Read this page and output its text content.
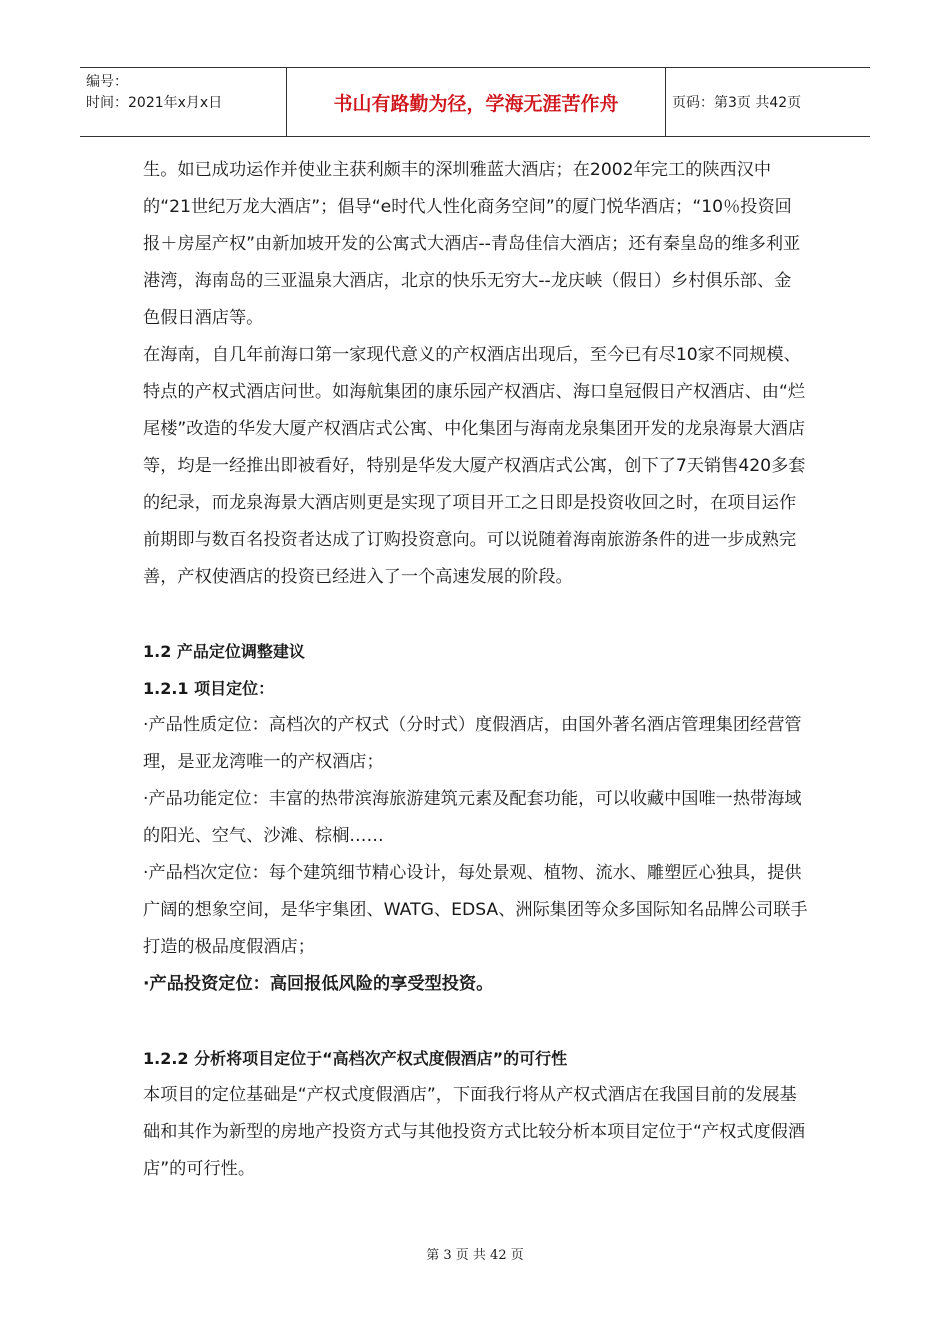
编号：
时间：2021年x月x日	书山有路勤为径，学海无涯苦作舟	页码：第3页 共42页

生。如已成功运作并使业主获利颇丰的深圳雅蓝大酒店；在2002年完工的陕西汉中的“21世纪万龙大酒店”；倡导“e时代人性化商务空间”的厦门悦华酒店；“10％投资回报＋房屋产权”由新加坡开发的公寓式大酒店--青岛佳信大酒店；还有秦皇岛的维多利亚港湾，海南岛的三亚温泉大酒店，北京的快乐无穷大--龙庆峡（假日）乡村俱乐部、金色假日酒店等。

在海南，自几年前海口第一家现代意义的产权酒店出现后，至今已有尽10家不同规模、特点的产权式酒店问世。如海航集团的康乐园产权酒店、海口皇冠假日产权酒店、由“烂尾楼”改造的华发大厦产权酒店式公寓、中化集团与海南龙泉集团开发的龙泉海景大酒店等，均是一经推出即被看好，特别是华发大厦产权酒店式公寓，创下了7天销售420多套的纪录，而龙泉海景大酒店则更是实现了项目开工之日即是投资收回之时，在项目运作前期即与数百名投资者达成了订购投资意向。可以说随着海南旅游条件的进一步成熟完善，产权使酒店的投资已经进入了一个高速发展的阶段。

1.2 产品定位调整建议

1.2.1 项目定位：

·产品性质定位：高档次的产权式（分时式）度假酒店，由国外著名酒店管理集团经营管理，是亚龙湾唯一的产权酒店；

·产品功能定位：丰富的热带滨海旅游建筑元素及配套功能，可以收藏中国唯一热带海域的阳光、空气、沙滩、棕榈……

·产品档次定位：每个建筑细节精心设计，每处景观、植物、流水、雕塑匠心独具，提供广阔的想象空间，是华宇集团、WATG、EDSA、洲际集团等众多国际知名品牌公司联手打造的极品度假酒店；

·产品投资定位：高回报低风险的享受型投资。

1.2.2 分析将项目定位于“高档次产权式度假酒店”的可行性

本项目的定位基础是“产权式度假酒店”，下面我行将从产权式酒店在我国目前的发展基础和其作为新型的房地产投资方式与其他投资方式比较分析本项目定位于“产权式度假酒店”的可行性。

第 3 页 共 42 页
